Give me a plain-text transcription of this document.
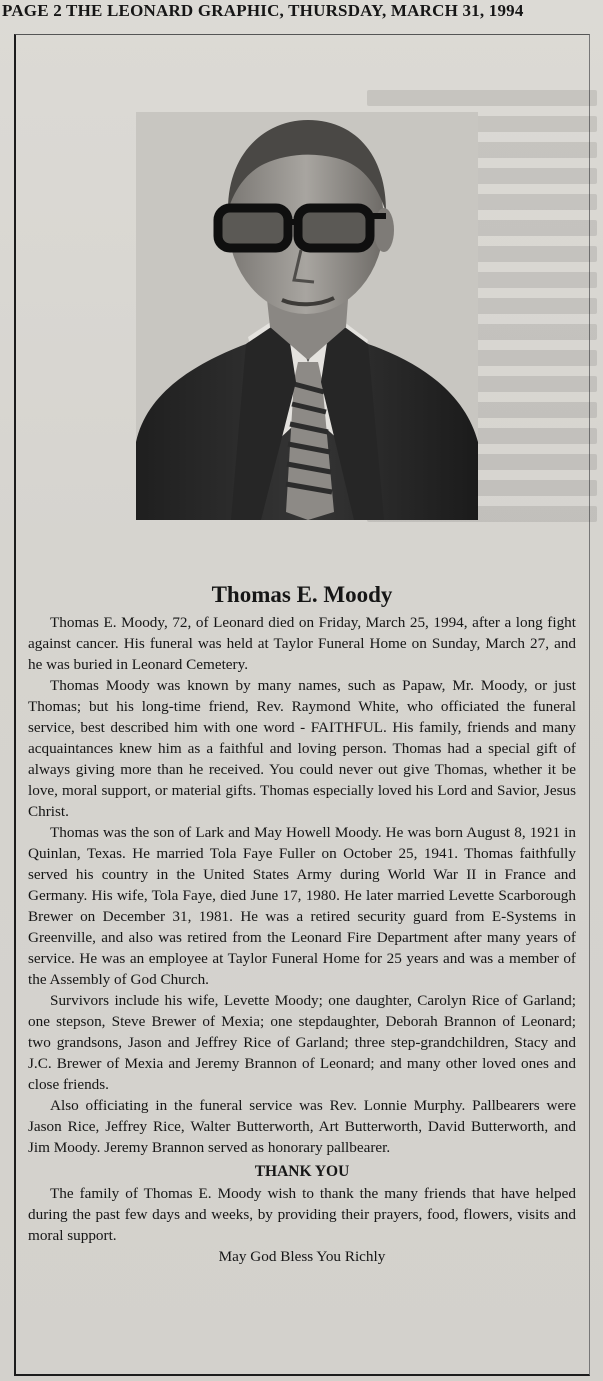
PAGE 2 THE LEONARD GRAPHIC, THURSDAY, MARCH 31, 1994
Thomas E. Moody

Thomas E. Moody, 72, of Leonard died on Friday, March 25, 1994, after a long fight against cancer. His funeral was held at Taylor Funeral Home on Sunday, March 27, and he was buried in Leonard Cemetery.

Thomas Moody was known by many names, such as Papaw, Mr. Moody, or just Thomas; but his long-time friend, Rev. Raymond White, who officiated the funeral service, best described him with one word - FAITHFUL. His family, friends and many acquaintances knew him as a faithful and loving person. Thomas had a special gift of always giving more than he received. You could never out give Thomas, whether it be love, moral support, or material gifts. Thomas especially loved his Lord and Savior, Jesus Christ.

Thomas was the son of Lark and May Howell Moody. He was born August 8, 1921 in Quinlan, Texas. He married Tola Faye Fuller on October 25, 1941. Thomas faithfully served his country in the United States Army during World War II in France and Germany. His wife, Tola Faye, died June 17, 1980. He later married Levette Scarborough Brewer on December 31, 1981. He was a retired security guard from E-Systems in Greenville, and also was retired from the Leonard Fire Department after many years of service. He was an employee at Taylor Funeral Home for 25 years and was a member of the Assembly of God Church.

Survivors include his wife, Levette Moody; one daughter, Carolyn Rice of Garland; one stepson, Steve Brewer of Mexia; one stepdaughter, Deborah Brannon of Leonard; two grandsons, Jason and Jeffrey Rice of Garland; three step-grandchildren, Stacy and J.C. Brewer of Mexia and Jeremy Brannon of Leonard; and many other loved ones and close friends.

Also officiating in the funeral service was Rev. Lonnie Murphy. Pallbearers were Jason Rice, Jeffrey Rice, Walter Butterworth, Art Butterworth, David Butterworth, and Jim Moody. Jeremy Brannon served as honorary pallbearer.

THANK YOU

The family of Thomas E. Moody wish to thank the many friends that have helped during the past few days and weeks, by providing their prayers, food, flowers, visits and moral support.

May God Bless You Richly
